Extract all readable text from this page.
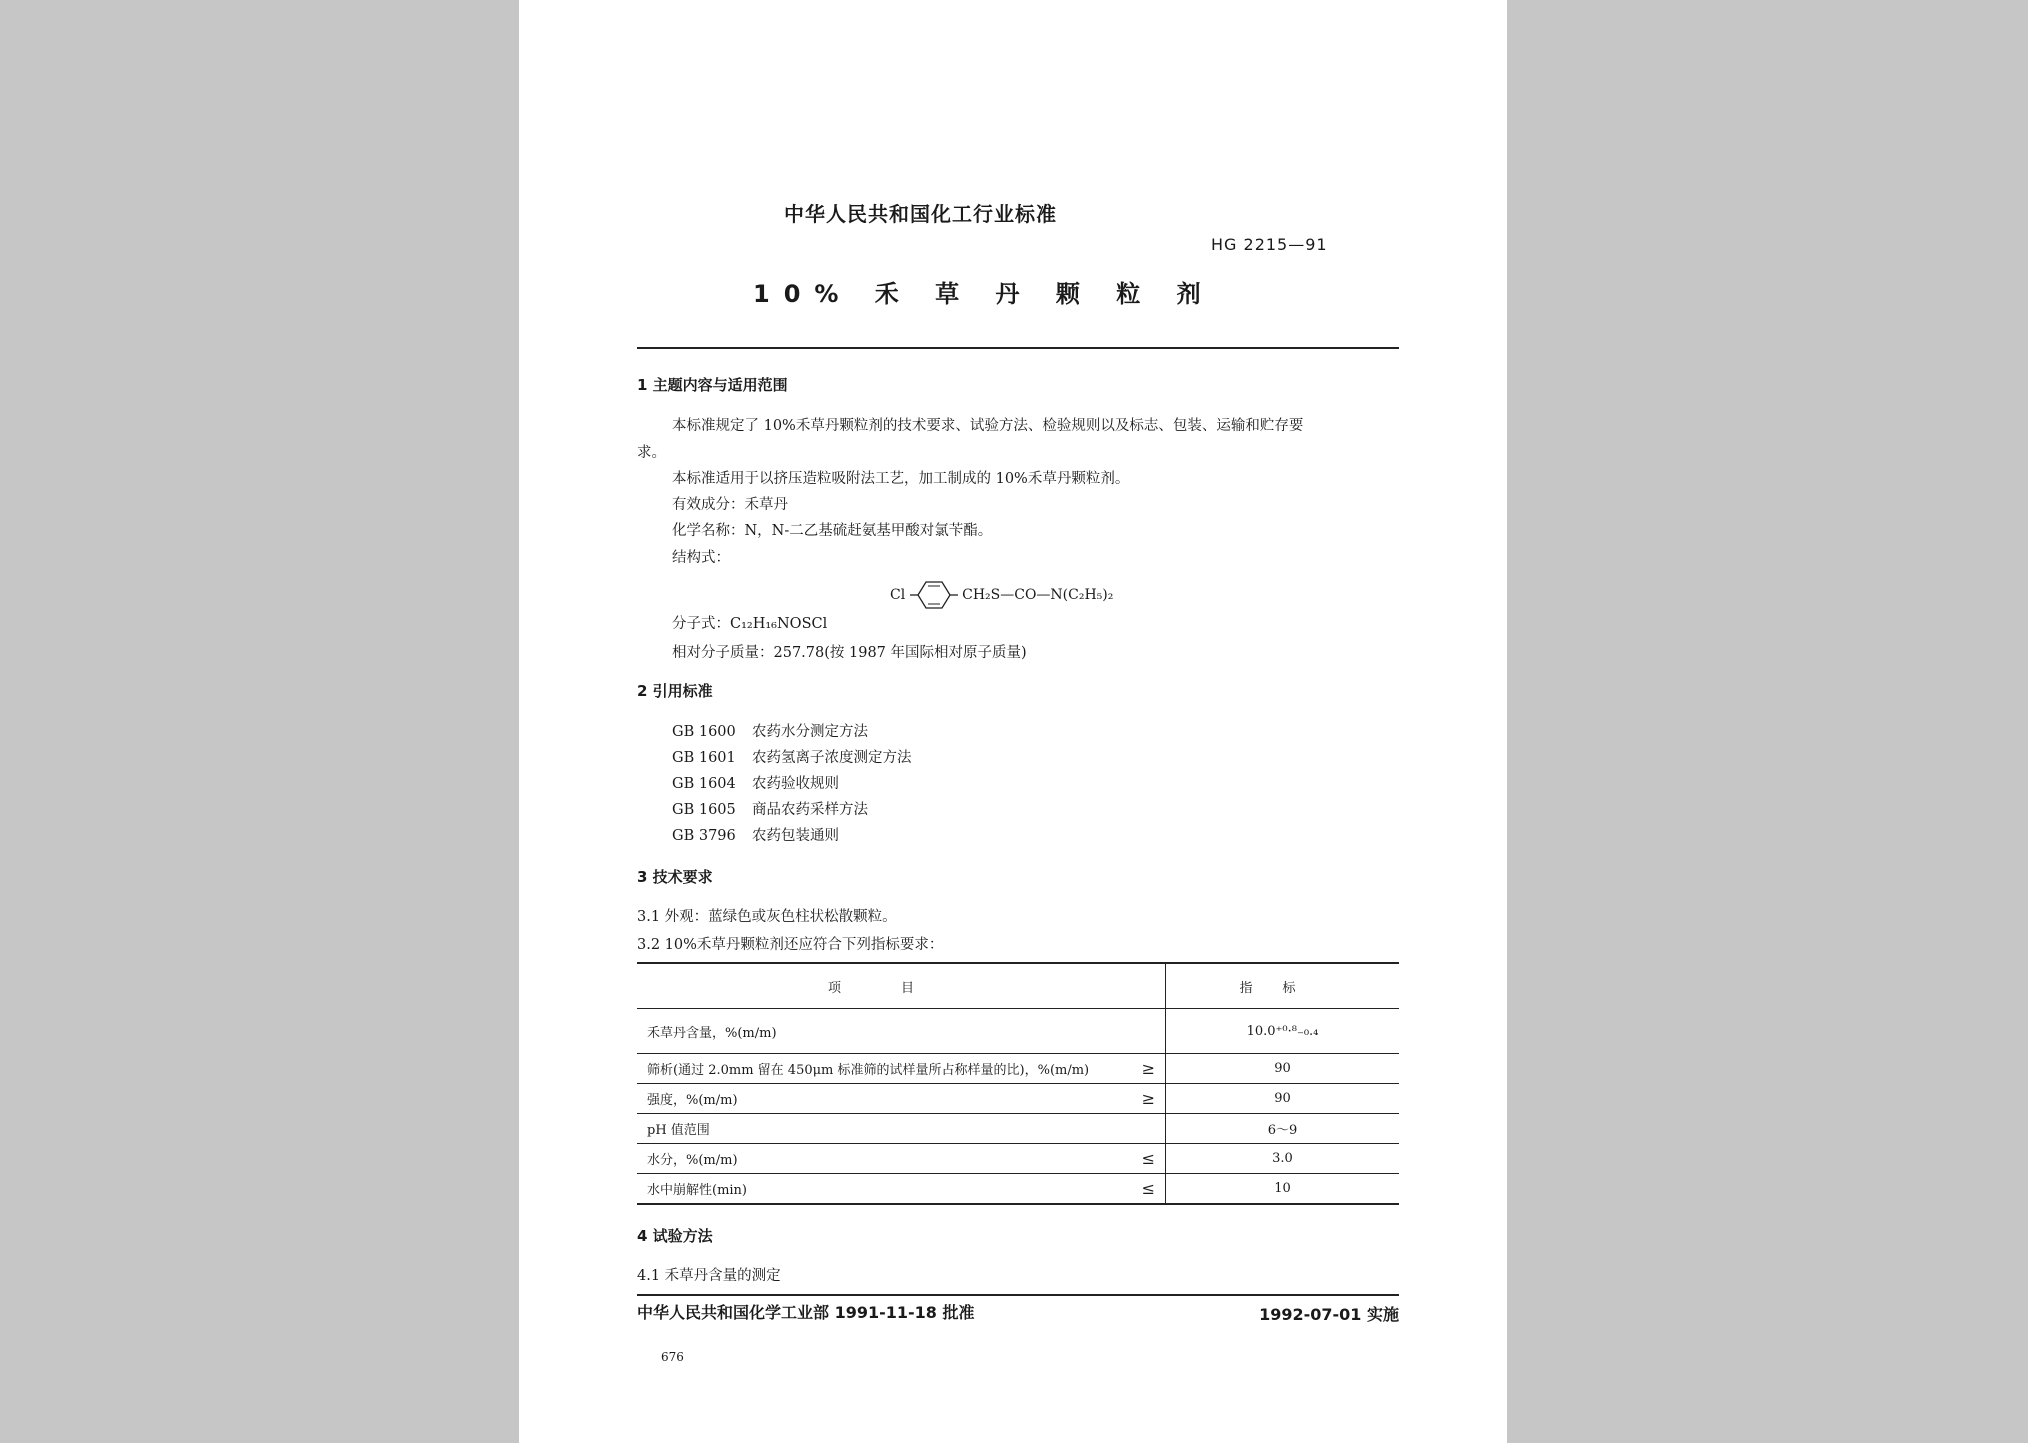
中华人民共和国化工行业标准
HG 2215—91
10% 禾 草 丹 颗 粒 剂
1 主题内容与适用范围
本标准规定了 10%禾草丹颗粒剂的技术要求、试验方法、检验规则以及标志、包装、运输和贮存要
求。
本标准适用于以挤压造粒吸附法工艺，加工制成的 10%禾草丹颗粒剂。
有效成分：禾草丹
化学名称：N，N-二乙基硫赶氨基甲酸对氯苄酯。
结构式：
Cl	CH₂S—CO—N(C₂H₅)₂
分子式：C₁₂H₁₆NOSCl
相对分子质量：257.78(按 1987 年国际相对原子质量)
2 引用标准
GB 1600 农药水分测定方法
GB 1601 农药氢离子浓度测定方法
GB 1604 农药验收规则
GB 1605 商品农药采样方法
GB 3796 农药包装通则
3 技术要求
3.1 外观：蓝绿色或灰色柱状松散颗粒。
3.2 10%禾草丹颗粒剂还应符合下列指标要求：
项目		指标
禾草丹含量，%(m/m)		10.0⁺⁰·⁸₋₀.₄
筛析(通过 2.0mm 留在 450μm 标准筛的试样量所占称样量的比)，%(m/m)	≥	90
强度，%(m/m)	≥	90
pH 值范围		6～9
水分，%(m/m)	≤	3.0
水中崩解性(min)	≤	10
4 试验方法
4.1 禾草丹含量的测定
中华人民共和国化学工业部 1991-11-18 批准	1992-07-01 实施
676
